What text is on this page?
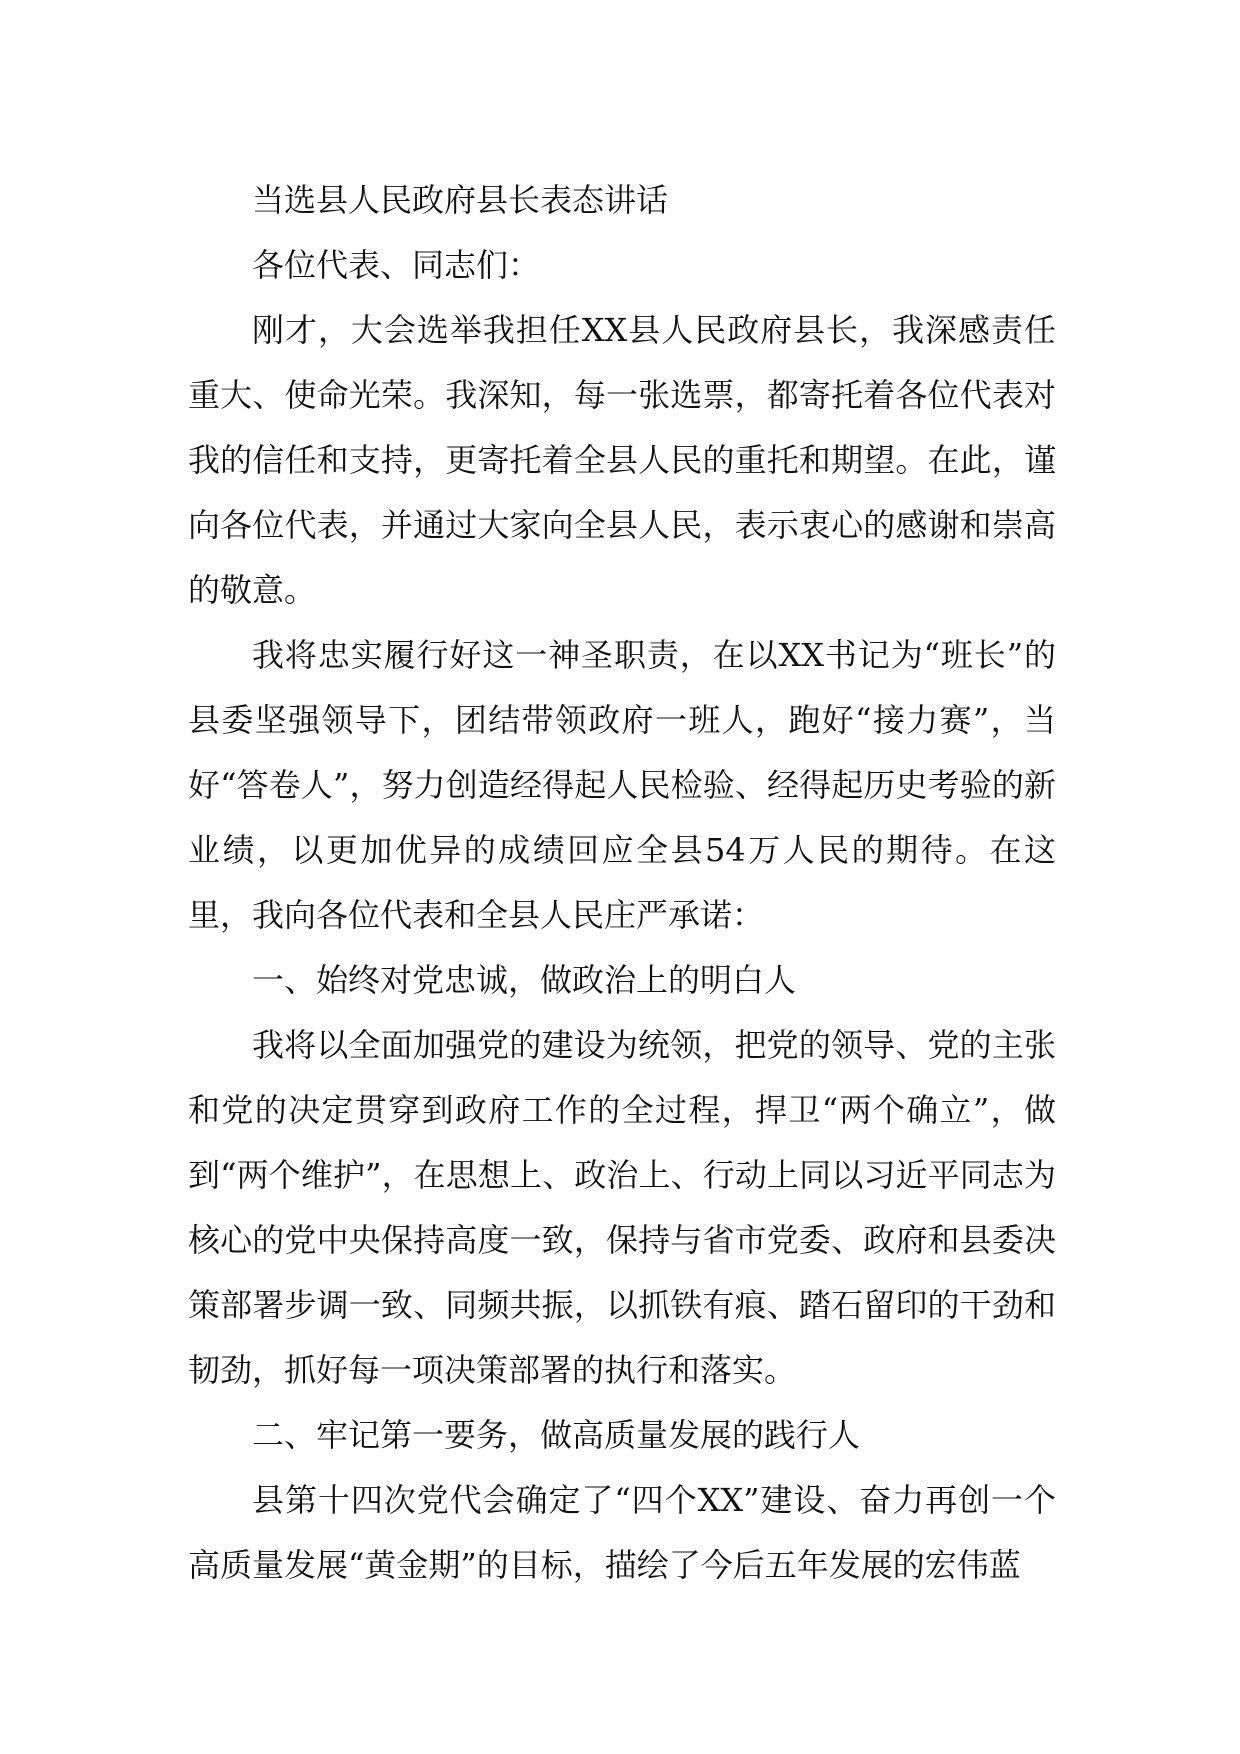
当选县人民政府县长表态讲话

各位代表、同志们：

刚才，大会选举我担任XX县人民政府县长，我深感责任重大、使命光荣。我深知，每一张选票，都寄托着各位代表对我的信任和支持，更寄托着全县人民的重托和期望。在此，谨向各位代表，并通过大家向全县人民，表示衷心的感谢和崇高的敬意。

我将忠实履行好这一神圣职责，在以XX书记为“班长”的县委坚强领导下，团结带领政府一班人，跑好“接力赛”，当好“答卷人”，努力创造经得起人民检验、经得起历史考验的新业绩，以更加优异的成绩回应全县54万人民的期待。在这里，我向各位代表和全县人民庄严承诺：

一、始终对党忠诚，做政治上的明白人

我将以全面加强党的建设为统领，把党的领导、党的主张和党的决定贯穿到政府工作的全过程，捍卫“两个确立”，做到“两个维护”，在思想上、政治上、行动上同以习近平同志为核心的党中央保持高度一致，保持与省市党委、政府和县委决策部署步调一致、同频共振，以抓铁有痕、踏石留印的干劲和韧劲，抓好每一项决策部署的执行和落实。

二、牢记第一要务，做高质量发展的践行人

县第十四次党代会确定了“四个XX”建设、奋力再创一个高质量发展“黄金期”的目标，描绘了今后五年发展的宏伟蓝
